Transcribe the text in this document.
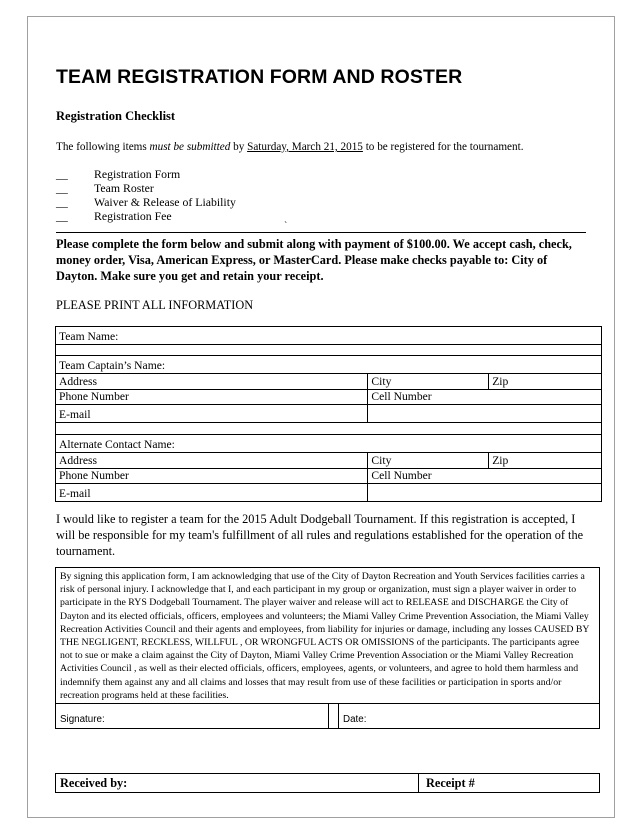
TEAM REGISTRATION FORM AND ROSTER
Registration Checklist
The following items must be submitted by Saturday, March 21, 2015 to be registered for the tournament.
__ Registration Form
__ Team Roster
__ Waiver & Release of Liability
__ Registration Fee
`
Please complete the form below and submit along with payment of $100.00. We accept cash, check, money order, Visa, American Express, or MasterCard. Please make checks payable to: City of Dayton. Make sure you get and retain your receipt.
PLEASE PRINT ALL INFORMATION
Team Name:		

Team Captain’s Name:		
Address	City	Zip
Phone Number	Cell Number	
E-mail		

Alternate Contact Name:		
Address	City	Zip
Phone Number	Cell Number	
E-mail		
I would like to register a team for the 2015 Adult Dodgeball Tournament. If this registration is accepted, I will be responsible for my team's fulfillment of all rules and regulations established for the operation of the tournament.
By signing this application form, I am acknowledging that use of the City of Dayton Recreation and Youth Services facilities carries a risk of personal injury. I acknowledge that I, and each participant in my group or organization, must sign a player waiver in order to participate in the RYS Dodgeball Tournament. The player waiver and release will act to RELEASE and DISCHARGE the City of Dayton and its elected officials, officers, employees and volunteers; the Miami Valley Crime Prevention Association, the Miami Valley Recreation Activities Council and their agents and employees, from liability for injuries or damage, including any losses CAUSED BY THE NEGLIGENT, RECKLESS, WILLFUL , OR WRONGFUL ACTS OR OMISSIONS of the participants. The participants agree not to sue or make a claim against the City of Dayton, Miami Valley Crime Prevention Association or the Miami Valley Recreation Activities Council , as well as their elected officials, officers, employees, agents, or volunteers, and agree to hold them harmless and indemnify them against any and all claims and losses that may result from use of these facilities or participation in sports and/or recreation programs held at these facilities.
Signature:	Date:
Received by:	Receipt #
